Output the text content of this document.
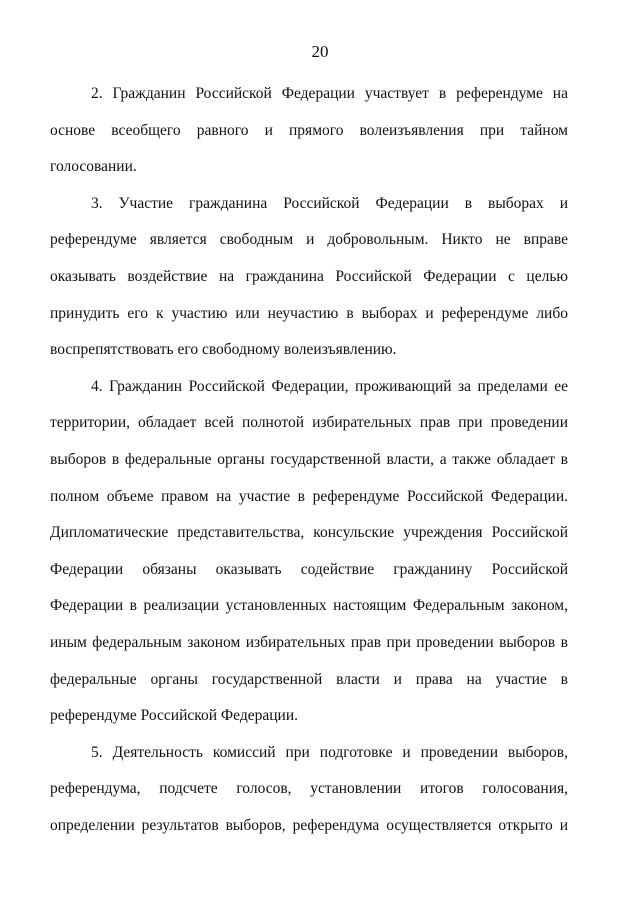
20
2. Гражданин Российской Федерации участвует в референдуме на
основе всеобщего равного и прямого волеизъявления при тайном
голосовании.
3. Участие гражданина Российской Федерации в выборах и
референдуме является свободным и добровольным. Никто не вправе
оказывать воздействие на гражданина Российской Федерации с целью
принудить его к участию или неучастию в выборах и референдуме либо
воспрепятствовать его свободному волеизъявлению.
4. Гражданин Российской Федерации, проживающий за пределами ее
территории, обладает всей полнотой избирательных прав при проведении
выборов в федеральные органы государственной власти, а также обладает в
полном объеме правом на участие в референдуме Российской Федерации.
Дипломатические представительства, консульские учреждения Российской
Федерации обязаны оказывать содействие гражданину Российской
Федерации в реализации установленных настоящим Федеральным законом,
иным федеральным законом избирательных прав при проведении выборов в
федеральные органы государственной власти и права на участие в
референдуме Российской Федерации.
5. Деятельность комиссий при подготовке и проведении выборов,
референдума, подсчете голосов, установлении итогов голосования,
определении результатов выборов, референдума осуществляется открыто и
